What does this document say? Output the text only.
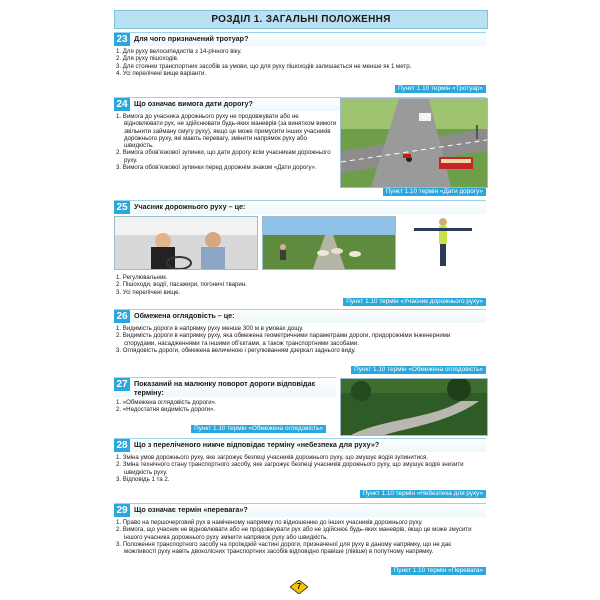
РОЗДІЛ 1. ЗАГАЛЬНІ ПОЛОЖЕННЯ
23 Для чого призначений тротуар?
1. Для руху велосипедистів з 14-річного віку.
2. Для руху пішоходів.
3. Для стоянки транспортних засобів за умови, що для руху пішоходів залишається не менше як 1 метр.
4. Усі перелічені вище варіанти.
Пункт 1.10 термін «Тротуар»
24 Що означає вимога дати дорогу?
1. Вимога до учасника дорожнього руху не продовжувати або не відновлювати рух, не здійснювати будь-яких маневрів (за винятком вимоги звільнити займану смугу руху), якщо це може примусити інших учасників дорожнього руху, які мають перевагу, змінити напрямок руху або швидкість.
2. Вимога обов'язкової зупинки, що дати дорогу всім учасникам дорожнього руху.
3. Вимога обов'язкової зупинки перед дорожнім знаком «Дати дорогу».
Пункт 1.10 термін «Дати дорогу»
25 Учасник дорожнього руху – це:
1. Регулювальник.
2. Пішоходи, водії, пасажири, погоничі тварин.
3. Усі перелічені вище.
Пункт 1.10 термін «Учасник дорожнього руху»
26 Обмежена оглядовість – це:
1. Видимість дороги в напрямку руху менше 300 м в умовах дощу.
2. Видимість дороги в напрямку руху, яка обмежена геометричними параметрами дороги, придорожніми інженерними спорудами, насадженнями та іншими об'єктами, а також транспортними засобами.
3. Оглядовість дороги, обмежена величиною і регулюванням дзеркал заднього виду.
Пункт 1.10 термін «Обмежена оглядовість»
27 Показаний на малюнку поворот дороги відповідає терміну:
1. «Обмежена оглядовість дороги».
2. «Недостатня видимість дороги».
Пункт 1.10 термін «Обмежена оглядовість»
28 Що з переліченого нижче відповідає терміну «небезпека для руху»?
1. Зміна умов дорожнього руху, яке загрожує безпеці учасників дорожнього руху, що змушує водія зупинитися.
2. Зміна технічного стану транспортного засобу, яке загрожує безпеці учасників дорожнього руху, що змушує водія знизити швидкість руху.
3. Відповідь 1 та 2.
Пункт 1.10 термін «Небезпека для руху»
29 Що означає термін «перевага»?
1. Право на першочерговий рух в наміченому напрямку по відношенню до інших учасників дорожнього руху.
2. Вимога, що учасник не відновлювати або не продовжувати рух або не здійснює будь-яких маневрів, якщо це може змусити іншого учасника дорожнього руху змінити напрямок руху або швидкість.
3. Положення транспортного засобу на проїжджій частині дороги, призначеної для руху в даному напрямку, що не дає можливості руху навіть двоколісних транспортних засобів відповідно правіше (лівіше) в попутному напрямку.
Пункт 1.10 термін «Перевага»
7
